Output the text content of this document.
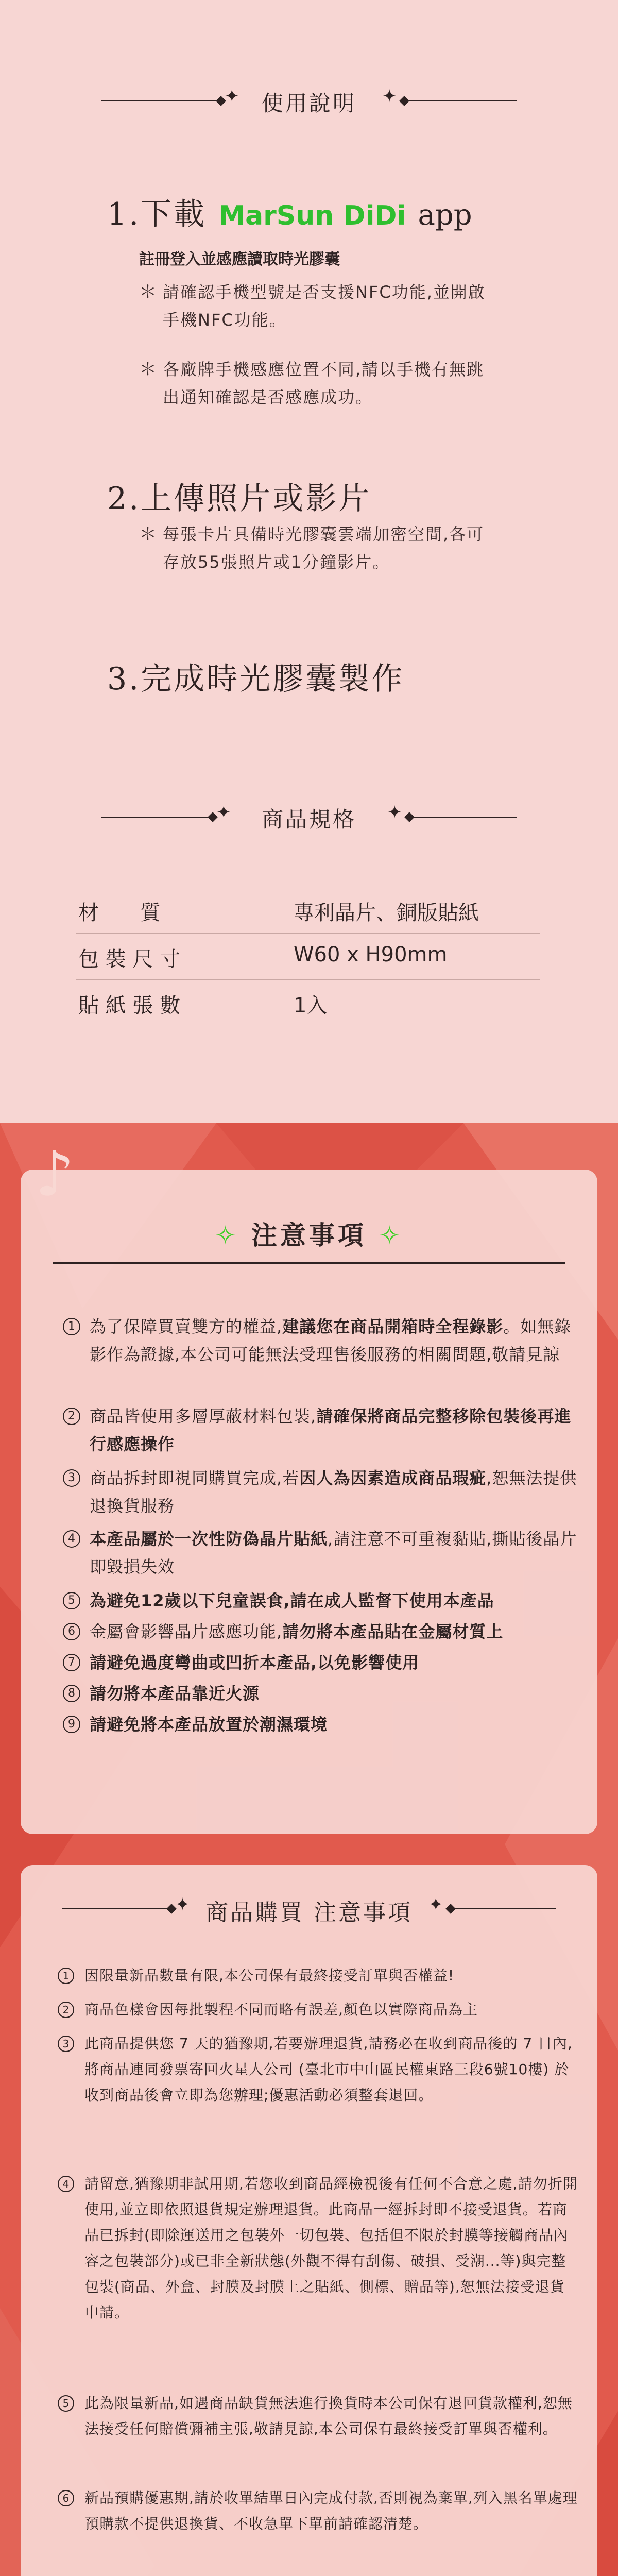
✦	使用說明	✦
1.下載 MarSun DiDi app
註冊登入並感應讀取時光膠囊
＊ 請確認手機型號是否支援NFC功能,並開啟手機NFC功能。
＊ 各廠牌手機感應位置不同,請以手機有無跳出通知確認是否感應成功。
2.上傳照片或影片
＊ 每張卡片具備時光膠囊雲端加密空間,各可存放55張照片或1分鐘影片。
3.完成時光膠囊製作
✦	商品規格	✦
材　　質	專利晶片、銅版貼紙
包 裝 尺 寸	W60 x H90mm
貼 紙 張 數	1入
✧ 注意事項 ✧
1 為了保障買賣雙方的權益,建議您在商品開箱時全程錄影。如無錄影作為證據,本公司可能無法受理售後服務的相關問題,敬請見諒
2 商品皆使用多層厚蔽材料包裝,請確保將商品完整移除包裝後再進行感應操作
3 商品拆封即視同購買完成,若因人為因素造成商品瑕疵,恕無法提供退換貨服務
4 本產品屬於一次性防偽晶片貼紙,請注意不可重複黏貼,撕貼後晶片即毀損失效
5 為避免12歲以下兒童誤食,請在成人監督下使用本產品
6 金屬會影響晶片感應功能,請勿將本產品貼在金屬材質上
7 請避免過度彎曲或凹折本產品,以免影響使用
8 請勿將本產品靠近火源
9 請避免將本產品放置於潮濕環境
✦ 商品購買 注意事項 ✦
1	因限量新品數量有限,本公司保有最終接受訂單與否權益!
2	商品色樣會因每批製程不同而略有誤差,顏色以實際商品為主
3	此商品提供您 7 天的猶豫期,若要辦理退貨,請務必在收到商品後的 7 日內,將商品連同發票寄回火星人公司 (臺北市中山區民權東路三段6號10樓) 於 收到商品後會立即為您辦理;優惠活動必須整套退回。
4	請留意,猶豫期非試用期,若您收到商品經檢視後有任何不合意之處,請勿折開使用,並立即依照退貨規定辦理退貨。此商品一經拆封即不接受退貨。若商品已拆封(即除運送用之包裝外一切包裝、包括但不限於封膜等接觸商品內容之包裝部分)或已非全新狀態(外觀不得有刮傷、破損、受潮...等)與完整包裝(商品、外盒、封膜及封膜上之貼紙、側標、贈品等),恕無法接受退貨申請。
5	此為限量新品,如遇商品缺貨無法進行換貨時本公司保有退回貨款權利,恕無法接受任何賠償彌補主張,敬請見諒,本公司保有最終接受訂單與否權利。
6	新品預購優惠期,請於收單結單日內完成付款,否則視為棄單,列入黑名單處理預購款不提供退換貨、不收急單下單前請確認清楚。
